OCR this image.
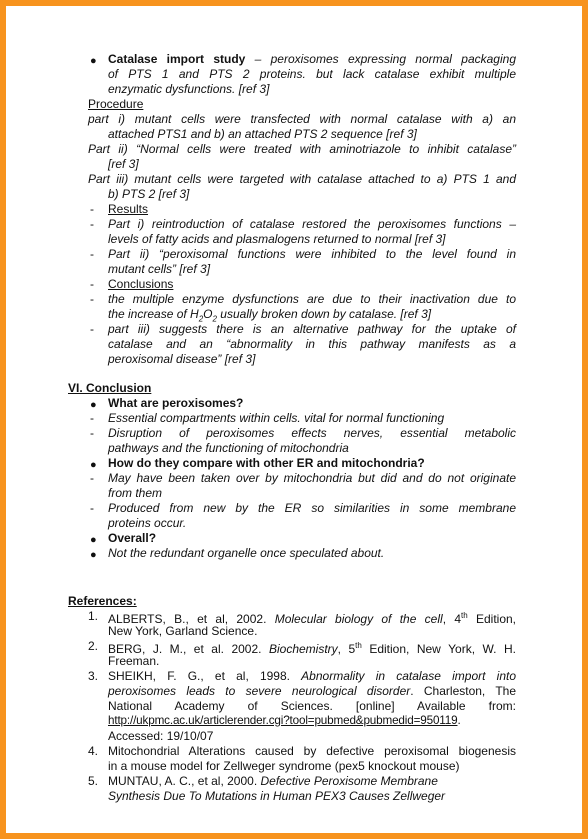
● Catalase import study – peroxisomes expressing normal packaging
of PTS 1 and PTS 2 proteins. but lack catalase exhibit multiple
enzymatic dysfunctions. [ref 3]
Procedure
part i) mutant cells were transfected with normal catalase with a) an
attached PTS1 and b) an attached PTS 2 sequence [ref 3]
Part ii) “Normal cells were treated with aminotriazole to inhibit catalase”
[ref 3]
Part iii) mutant cells were targeted with catalase attached to a) PTS 1 and
b) PTS 2 [ref 3]
- Results
- Part i) reintroduction of catalase restored the peroxisomes functions –
levels of fatty acids and plasmalogens returned to normal [ref 3]
- Part ii) “peroxisomal functions were inhibited to the level found in
mutant cells” [ref 3]
- Conclusions
- the multiple enzyme dysfunctions are due to their inactivation due to
the increase of $H_2O_2$ usually broken down by catalase. [ref 3]
- part iii) suggests there is an alternative pathway for the uptake of
catalase and an “abnormality in this pathway manifests as a
peroxisomal disease” [ref 3]
VI. Conclusion
● What are peroxisomes?
- Essential compartments within cells. vital for normal functioning
- Disruption of peroxisomes effects nerves, essential metabolic
pathways and the functioning of mitochondria
● How do they compare with other ER and mitochondria?
- May have been taken over by mitochondria but did and do not originate
from them
- Produced from new by the ER so similarities in some membrane
proteins occur.
● Overall?
● Not the redundant organelle once speculated about.
References:
1. ALBERTS, B., et al, 2002. Molecular biology of the cell, 4th Edition,
New York, Garland Science.
2. BERG, J. M., et al. 2002. Biochemistry, 5th Edition, New York, W. H.
Freeman.
3. SHEIKH, F. G., et al, 1998. Abnormality in catalase import into
peroxisomes leads to severe neurological disorder. Charleston, The
National Academy of Sciences. [online] Available from:
http://ukpmc.ac.uk/articlerender.cgi?tool=pubmed&pubmedid=950119.
Accessed: 19/10/07
4. Mitochondrial Alterations caused by defective peroxisomal biogenesis
in a mouse model for Zellweger syndrome (pex5 knockout mouse)
5. MUNTAU, A. C., et al, 2000. Defective Peroxisome Membrane
Synthesis Due To Mutations in Human PEX3 Causes Zellweger
